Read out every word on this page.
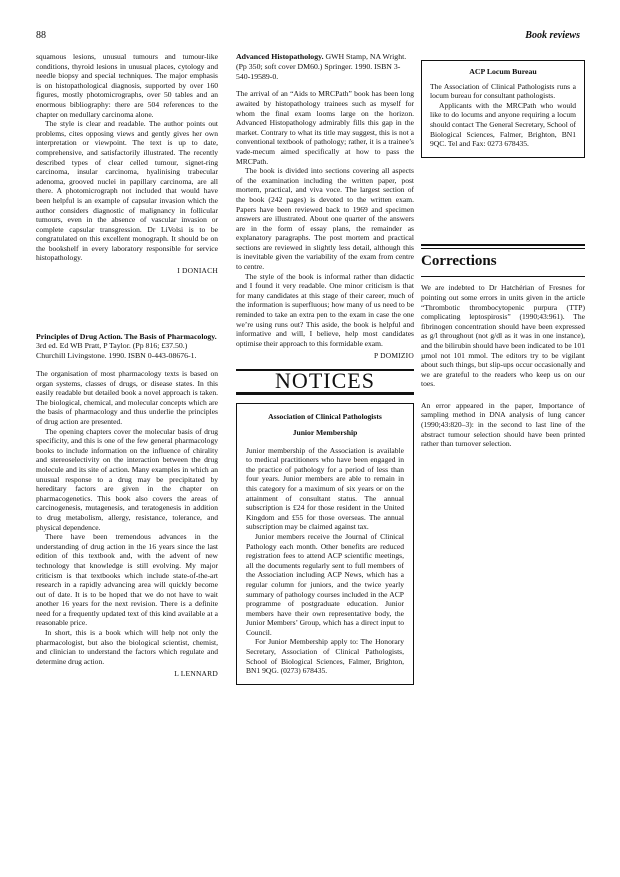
88	Book reviews

squamous lesions, unusual tumours and tumour-like conditions, thyroid lesions in unusual places, cytology and needle biopsy and special techniques. The major emphasis is on histopathological diagnosis, supported by over 160 figures, mostly photomicrographs, over 50 tables and an enormous bibliography: there are 504 references to the chapter on medullary carcinoma alone.

The style is clear and readable. The author points out problems, cites opposing views and gently gives her own interpretation or viewpoint. The text is up to date, comprehensive, and satisfactorily illustrated. The recently described types of clear celled tumour, signet-ring carcinoma, insular carcinoma, hyalinising trabecular adenoma, grooved nuclei in papillary carcinoma, are all there. A photomicrograph not included that would have been helpful is an example of capsular invasion which the author considers diagnostic of malignancy in follicular tumours, even in the absence of vascular invasion or complete capsular transgression. Dr LiVolsi is to be congratulated on this excellent monograph. It should be on the bookshelf in every laboratory responsible for service histopathology.

I DONIACH
Principles of Drug Action. The Basis of Pharmacology. 3rd ed. Ed WB Pratt, P Taylor. (Pp 816; £37.50.) Churchill Livingstone. 1990. ISBN 0-443-08676-1.

The organisation of most pharmacology texts is based on organ systems, classes of drugs, or disease states. In this easily readable but detailed book a novel approach is taken. The biological, chemical, and molecular concepts which are the basis of pharmacology and thus underlie the principles of drug action are presented.

The opening chapters cover the molecular basis of drug specificity, and this is one of the few general pharmacology books to include information on the influence of chirality and stereoselectivity on the interaction between the drug molecule and its site of action. Many examples in which an unusual response to a drug may be precipitated by hereditary factors are given in the chapter on pharmacogenetics. This book also covers the areas of carcinogenesis, mutagenesis, and teratogenesis in addition to drug metabolism, allergy, resistance, tolerance, and physical dependence.

There have been tremendous advances in the understanding of drug action in the 16 years since the last edition of this textbook and, with the advent of new technology that knowledge is still evolving. My major criticism is that textbooks which include state-of-the-art research in a rapidly advancing area will quickly become out of date. It is to be hoped that we do not have to wait another 16 years for the next revision. There is a definite need for a frequently updated text of this kind available at a reasonable price.

In short, this is a book which will help not only the pharmacologist, but also the biological scientist, chemist, and clinician to understand the factors which regulate and determine drug action.

L LENNARD
Advanced Histopathology. GWH Stamp, NA Wright. (Pp 350; soft cover DM60.) Springer. 1990. ISBN 3-540-19589-0.

The arrival of an “Aids to MRCPath” book has been long awaited by histopathology trainees such as myself for whom the final exam looms large on the horizon. Advanced Histopathology admirably fills this gap in the market. Contrary to what its title may suggest, this is not a conventional textbook of pathology; rather, it is a trainee’s vade-mecum aimed specifically at how to pass the MRCPath.

The book is divided into sections covering all aspects of the examination including the written paper, post mortem, practical, and viva voce. The largest section of the book (242 pages) is devoted to the written exam. Papers have been reviewed back to 1969 and specimen answers are illustrated. About one quarter of the answers are in the form of essay plans, the remainder as explanatory paragraphs. The post mortem and practical sections are reviewed in slightly less detail, although this is inevitable given the variability of the exam from centre to centre.

The style of the book is informal rather than didactic and I found it very readable. One minor criticism is that for many candidates at this stage of their career, much of the information is superfluous; how many of us need to be reminded to take an extra pen to the exam in case the one we’re using runs out? This aside, the book is helpful and informative and will, I believe, help most candidates optimise their approach to this formidable exam.

P DOMIZIO
NOTICES
Association of Clinical Pathologists
Junior Membership

Junior membership of the Association is available to medical practitioners who have been engaged in the practice of pathology for a period of less than four years. Junior members are able to remain in this category for a maximum of six years or on the attainment of consultant status. The annual subscription is £24 for those resident in the United Kingdom and £55 for those overseas. The annual subscription may be claimed against tax.

Junior members receive the Journal of Clinical Pathology each month. Other benefits are reduced registration fees to attend ACP scientific meetings, all the documents regularly sent to full members of the Association including ACP News, which has a regular column for juniors, and the twice yearly summary of pathology courses included in the ACP programme of postgraduate education. Junior members have their own representative body, the Junior Members’ Group, which has a direct input to Council.

For Junior Membership apply to: The Honorary Secretary, Association of Clinical Pathologists, School of Biological Sciences, Falmer, Brighton, BN1 9QG. (0273) 678435.

ACP Locum Bureau

The Association of Clinical Pathologists runs a locum bureau for consultant pathologists.

Applicants with the MRCPath who would like to do locums and anyone requiring a locum should contact The General Secretary, School of Biological Sciences, Falmer, Brighton, BN1 9QC. Tel and Fax: 0273 678435.

Corrections

We are indebted to Dr Hatchérian of Fresnes for pointing out some errors in units given in the article “Thrombotic thrombocytopenic purpura (TTP) complicating leptospirosis” (1990;43:961). The fibrinogen concentration should have been expressed as g/l throughout (not g/dl as it was in one instance), and the bilirubin should have been indicated to be 101 µmol not 101 mmol. The editors try to be vigilant about such things, but slip-ups occur occasionally and we are grateful to the readers who keep us on our toes.

An error appeared in the paper, Importance of sampling method in DNA analysis of lung cancer (1990;43:820–3): in the second to last line of the abstract tumour selection should have been printed rather than turnover selection.
